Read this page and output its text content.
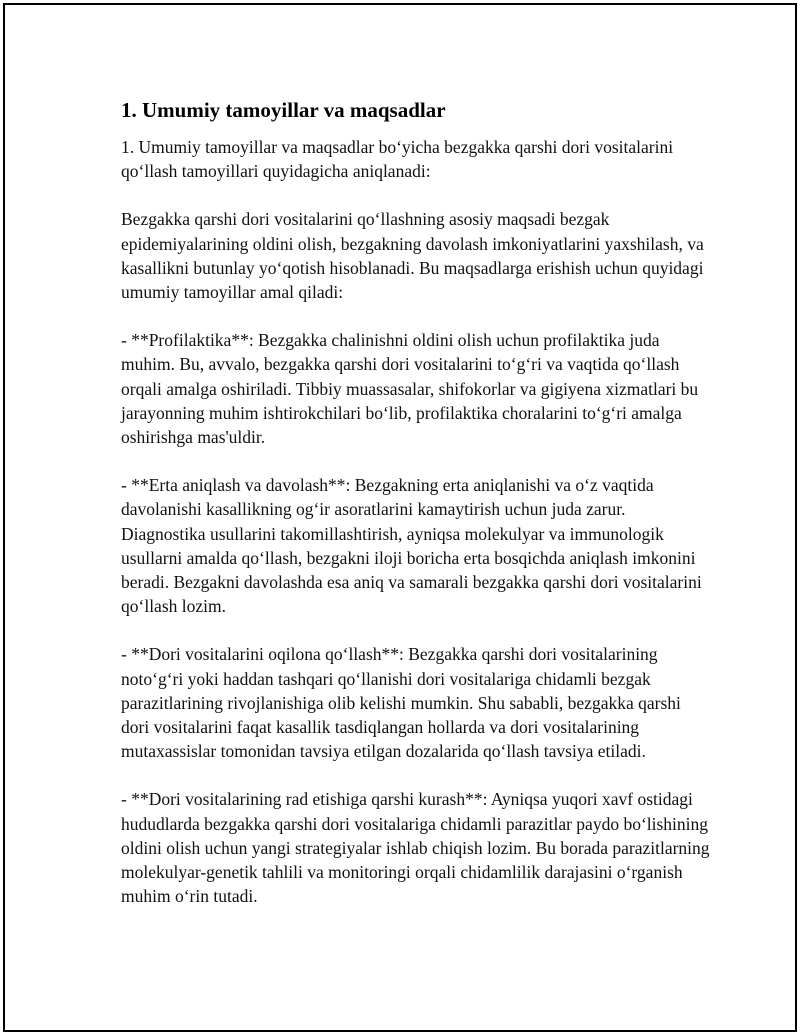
1. Umumiy tamoyillar va maqsadlar

1. Umumiy tamoyillar va maqsadlar bo‘yicha bezgakka qarshi dori vositalarini qo‘llash tamoyillari quyidagicha aniqlanadi:

Bezgakka qarshi dori vositalarini qo‘llashning asosiy maqsadi bezgak epidemiyalarining oldini olish, bezgakning davolash imkoniyatlarini yaxshilash, va kasallikni butunlay yo‘qotish hisoblanadi. Bu maqsadlarga erishish uchun quyidagi umumiy tamoyillar amal qiladi:

- **Profilaktika**: Bezgakka chalinishni oldini olish uchun profilaktika juda muhim. Bu, avvalo, bezgakka qarshi dori vositalarini to‘g‘ri va vaqtida qo‘llash orqali amalga oshiriladi. Tibbiy muassasalar, shifokorlar va gigiyena xizmatlari bu jarayonning muhim ishtirokchilari bo‘lib, profilaktika choralarini to‘g‘ri amalga oshirishga mas'uldir.

- **Erta aniqlash va davolash**: Bezgakning erta aniqlanishi va o‘z vaqtida davolanishi kasallikning og‘ir asoratlarini kamaytirish uchun juda zarur. Diagnostika usullarini takomillashtirish, ayniqsa molekulyar va immunologik usullarni amalda qo‘llash, bezgakni iloji boricha erta bosqichda aniqlash imkonini beradi. Bezgakni davolashda esa aniq va samarali bezgakka qarshi dori vositalarini qo‘llash lozim.

- **Dori vositalarini oqilona qo‘llash**: Bezgakka qarshi dori vositalarining noto‘g‘ri yoki haddan tashqari qo‘llanishi dori vositalariga chidamli bezgak parazitlarining rivojlanishiga olib kelishi mumkin. Shu sababli, bezgakka qarshi dori vositalarini faqat kasallik tasdiqlangan hollarda va dori vositalarining mutaxassislar tomonidan tavsiya etilgan dozalarida qo‘llash tavsiya etiladi.

- **Dori vositalarining rad etishiga qarshi kurash**: Ayniqsa yuqori xavf ostidagi hududlarda bezgakka qarshi dori vositalariga chidamli parazitlar paydo bo‘lishining oldini olish uchun yangi strategiyalar ishlab chiqish lozim. Bu borada parazitlarning molekulyar-genetik tahlili va monitoringi orqali chidamlilik darajasini o‘rganish muhim o‘rin tutadi.
